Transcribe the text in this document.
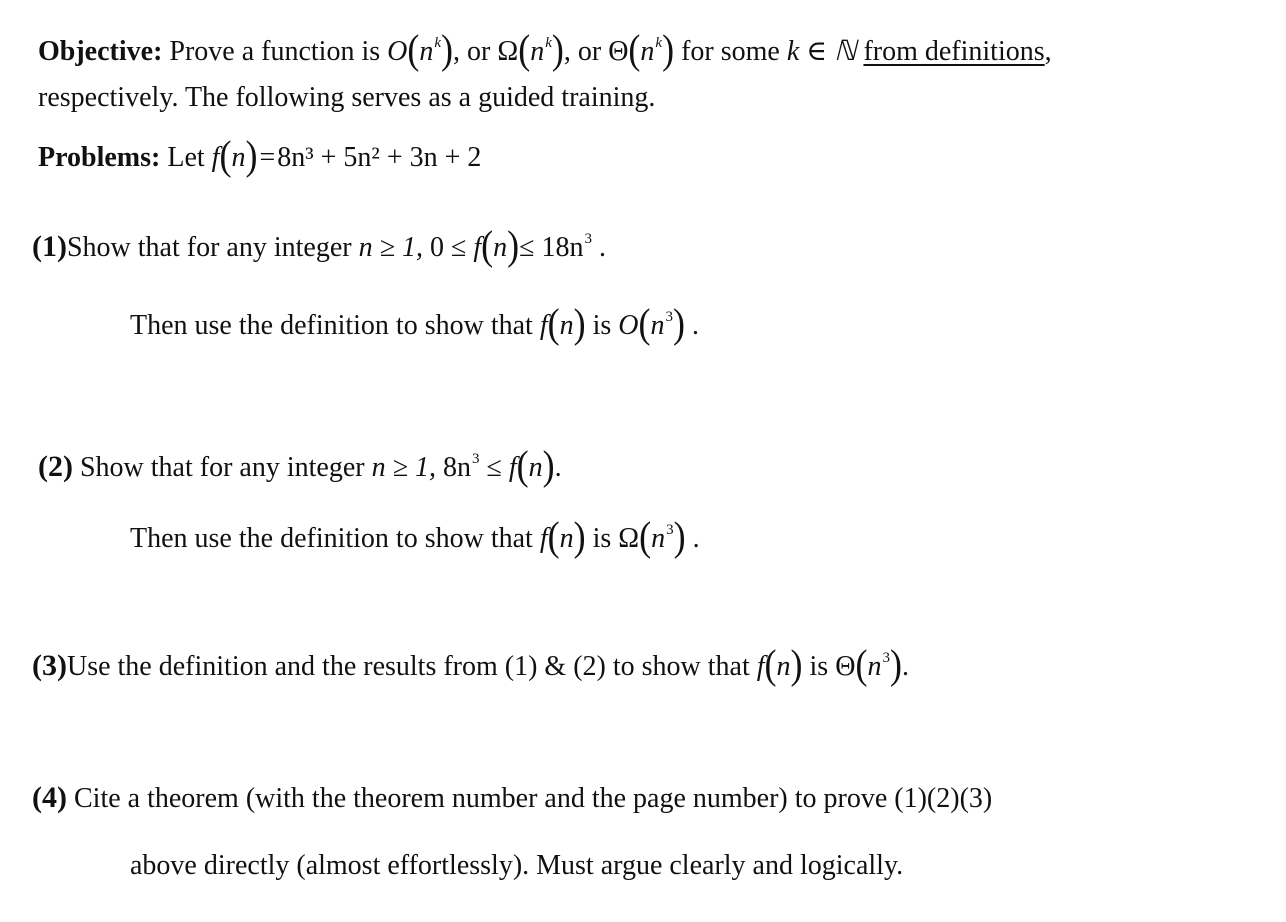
Objective: Prove a function is $O(n^k)$, or $\Omega(n^k)$, or $\Theta(n^k)$ for some k ∈ ℕ from definitions,
respectively. The following serves as a guided training.
Problems: Let f(n)=8n³ + 5n² + 3n + 2
(1)Show that for any integer n ≥ 1, $0 \le f(n)\le 18n^3$ .
Then use the definition to show that f(n) is $O(n^3)$ .
(2) Show that for any integer n ≥ 1, $8n^3 \le f(n)$.
Then use the definition to show that f(n) is $\Omega(n^3)$ .
(3)Use the definition and the results from (1) & (2) to show that f(n) is $\Theta(n^3)$.
(4) Cite a theorem (with the theorem number and the page number) to prove (1)(2)(3)
above directly (almost effortlessly). Must argue clearly and logically.
